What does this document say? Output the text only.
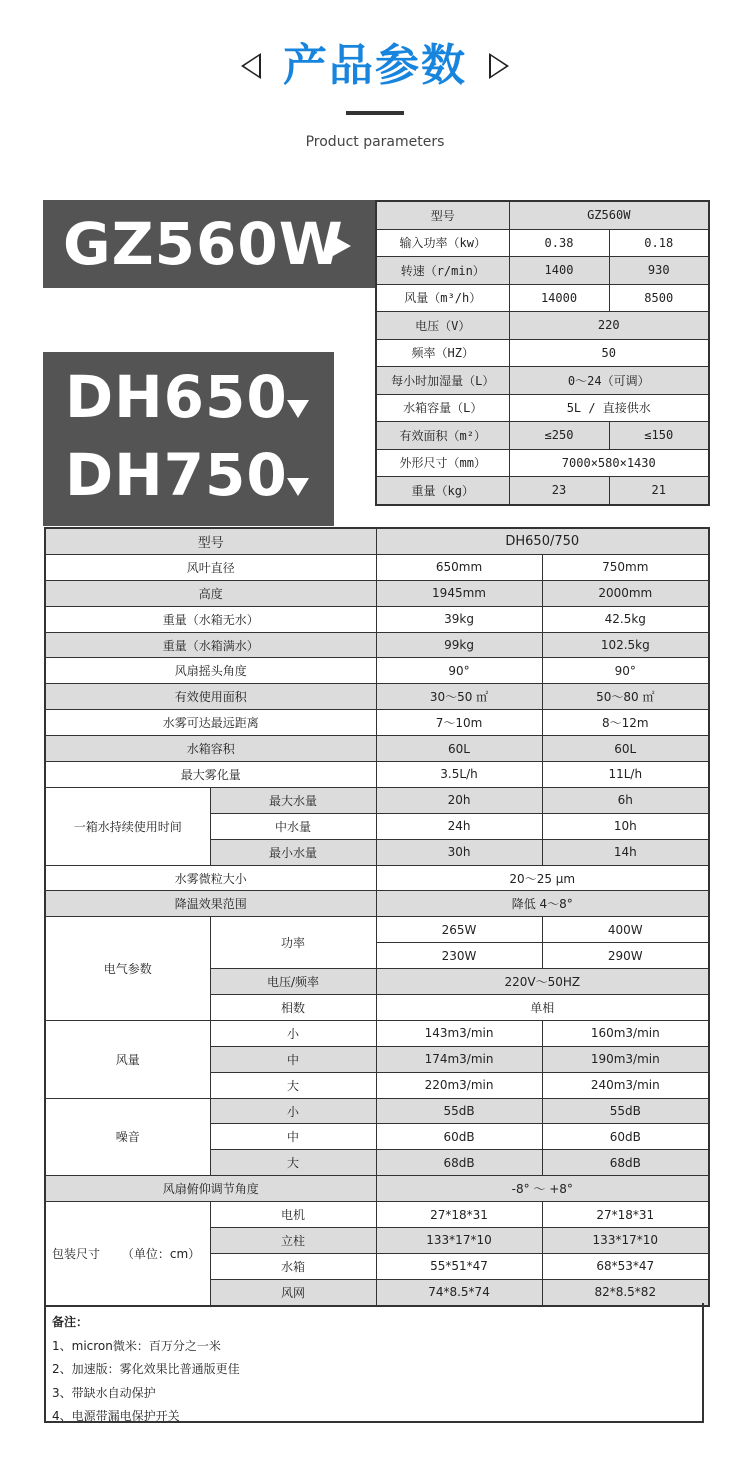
产品参数
Product parameters
GZ560W
DH650
DH750
型号	GZ560W	
输入功率（kw）	0.38	0.18
转速（r/min）	1400	930
风量（m³/h）	14000	8500
电压（V）	220	
频率（HZ）	50	
每小时加湿量（L）	0～24（可调）	
水箱容量（L）	5L / 直接供水	
有效面积（m²）	≤250	≤150
外形尺寸（mm）	7000×580×1430	
重量（kg）	23	21
型号		DH650/750	
风叶直径		650mm	750mm
高度		1945mm	2000mm
重量（水箱无水）		39kg	42.5kg
重量（水箱满水）		99kg	102.5kg
风扇摇头角度		90°	90°
有效使用面积		30～50 ㎡	50～80 ㎡
水雾可达最远距离		7～10m	8～12m
水箱容积		60L	60L
最大雾化量		3.5L/h	11L/h
一箱水持续使用时间	最大水量	20h	6h
	中水量	24h	10h
	最小水量	30h	14h
水雾微粒大小		20～25 μm	
降温效果范围		降低 4～8°	
电气参数	功率	265W	400W
		230W	290W
	电压/频率	220V～50HZ	
	相数	单相	
风量	小	143m3/min	160m3/min
	中	174m3/min	190m3/min
	大	220m3/min	240m3/min
噪音	小	55dB	55dB
	中	60dB	60dB
	大	68dB	68dB
风扇俯仰调节角度		-8° ～ +8°	
包装尺寸 （单位：cm）	电机	27*18*31	27*18*31
	立柱	133*17*10	133*17*10
	水箱	55*51*47	68*53*47
	风网	74*8.5*74	82*8.5*82
备注：
1、micron微米：百万分之一米
2、加速版：雾化效果比普通版更佳
3、带缺水自动保护
4、电源带漏电保护开关
